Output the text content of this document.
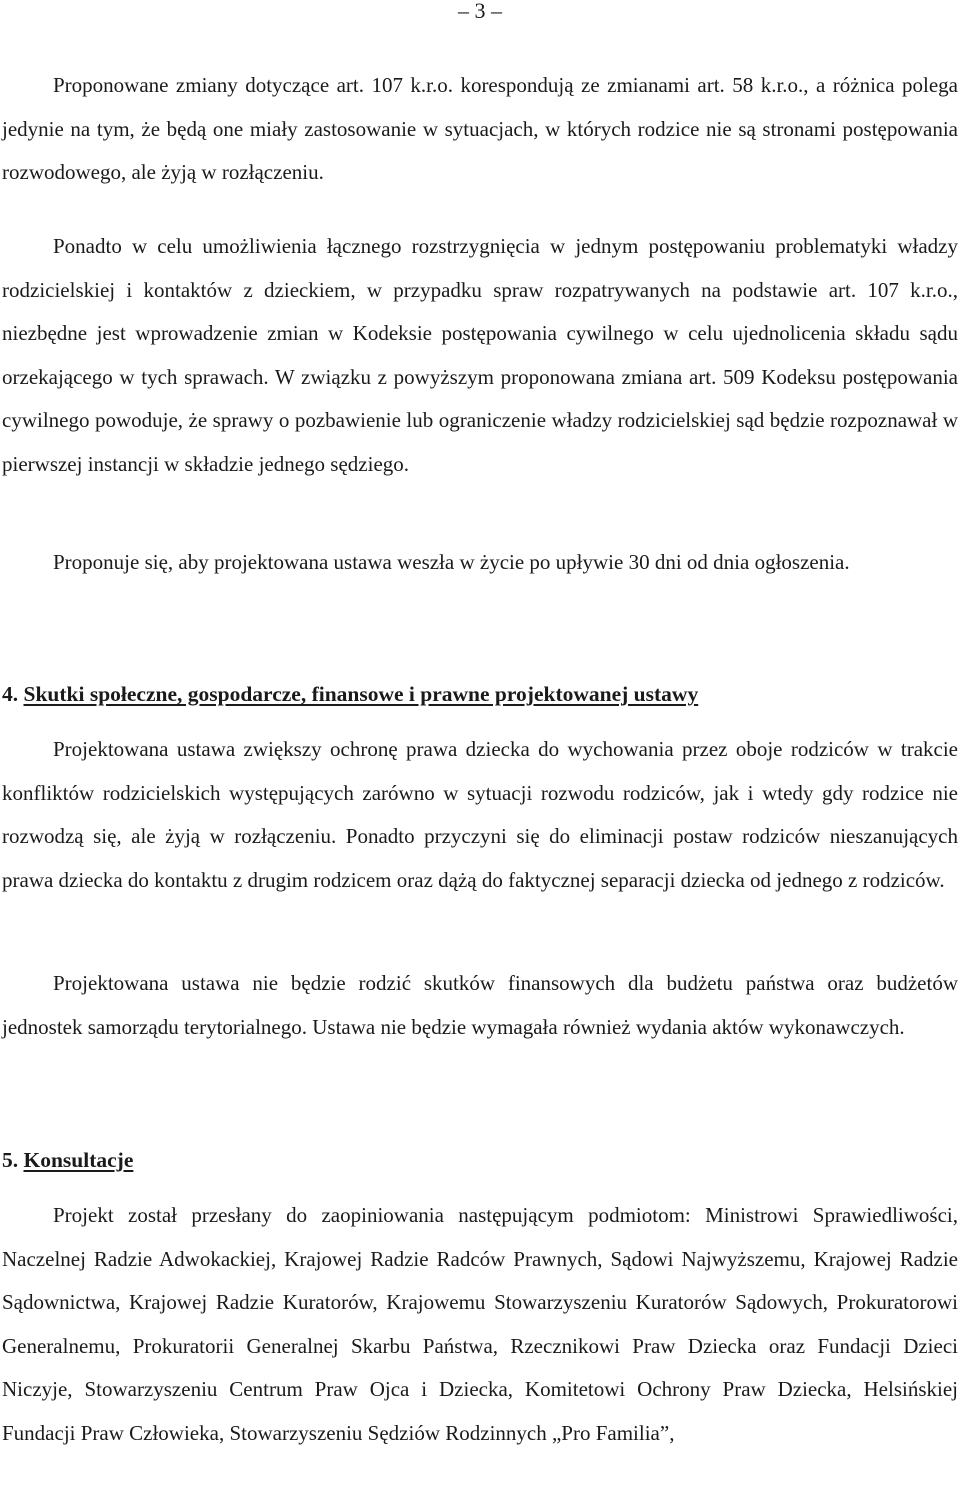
– 3 –

Proponowane zmiany dotyczące art. 107 k.r.o. korespondują ze zmianami art. 58 k.r.o., a różnica polega jedynie na tym, że będą one miały zastosowanie w sytuacjach, w których rodzice nie są stronami postępowania rozwodowego, ale żyją w rozłączeniu.

Ponadto w celu umożliwienia łącznego rozstrzygnięcia w jednym postępowaniu problematyki władzy rodzicielskiej i kontaktów z dzieckiem, w przypadku spraw rozpatrywanych na podstawie art. 107 k.r.o., niezbędne jest wprowadzenie zmian w Kodeksie postępowania cywilnego w celu ujednolicenia składu sądu orzekającego w tych sprawach. W związku z powyższym proponowana zmiana art. 509 Kodeksu postępowania cywilnego powoduje, że sprawy o pozbawienie lub ograniczenie władzy rodzicielskiej sąd będzie rozpoznawał w pierwszej instancji w składzie jednego sędziego.

Proponuje się, aby projektowana ustawa weszła w życie po upływie 30 dni od dnia ogłoszenia.

4. Skutki społeczne, gospodarcze, finansowe i prawne projektowanej ustawy

Projektowana ustawa zwiększy ochronę prawa dziecka do wychowania przez oboje rodziców w trakcie konfliktów rodzicielskich występujących zarówno w sytuacji rozwodu rodziców, jak i wtedy gdy rodzice nie rozwodzą się, ale żyją w rozłączeniu. Ponadto przyczyni się do eliminacji postaw rodziców nieszanujących prawa dziecka do kontaktu z drugim rodzicem oraz dążą do faktycznej separacji dziecka od jednego z rodziców.

Projektowana ustawa nie będzie rodzić skutków finansowych dla budżetu państwa oraz budżetów jednostek samorządu terytorialnego. Ustawa nie będzie wymagała również wydania aktów wykonawczych.

5. Konsultacje

Projekt został przesłany do zaopiniowania następującym podmiotom: Ministrowi Sprawiedliwości, Naczelnej Radzie Adwokackiej, Krajowej Radzie Radców Prawnych, Sądowi Najwyższemu, Krajowej Radzie Sądownictwa, Krajowej Radzie Kuratorów, Krajowemu Stowarzyszeniu Kuratorów Sądowych, Prokuratorowi Generalnemu, Prokuratorii Generalnej Skarbu Państwa, Rzecznikowi Praw Dziecka oraz Fundacji Dzieci Niczyje, Stowarzyszeniu Centrum Praw Ojca i Dziecka, Komitetowi Ochrony Praw Dziecka, Helsińskiej Fundacji Praw Człowieka, Stowarzyszeniu Sędziów Rodzinnych „Pro Familia”,
